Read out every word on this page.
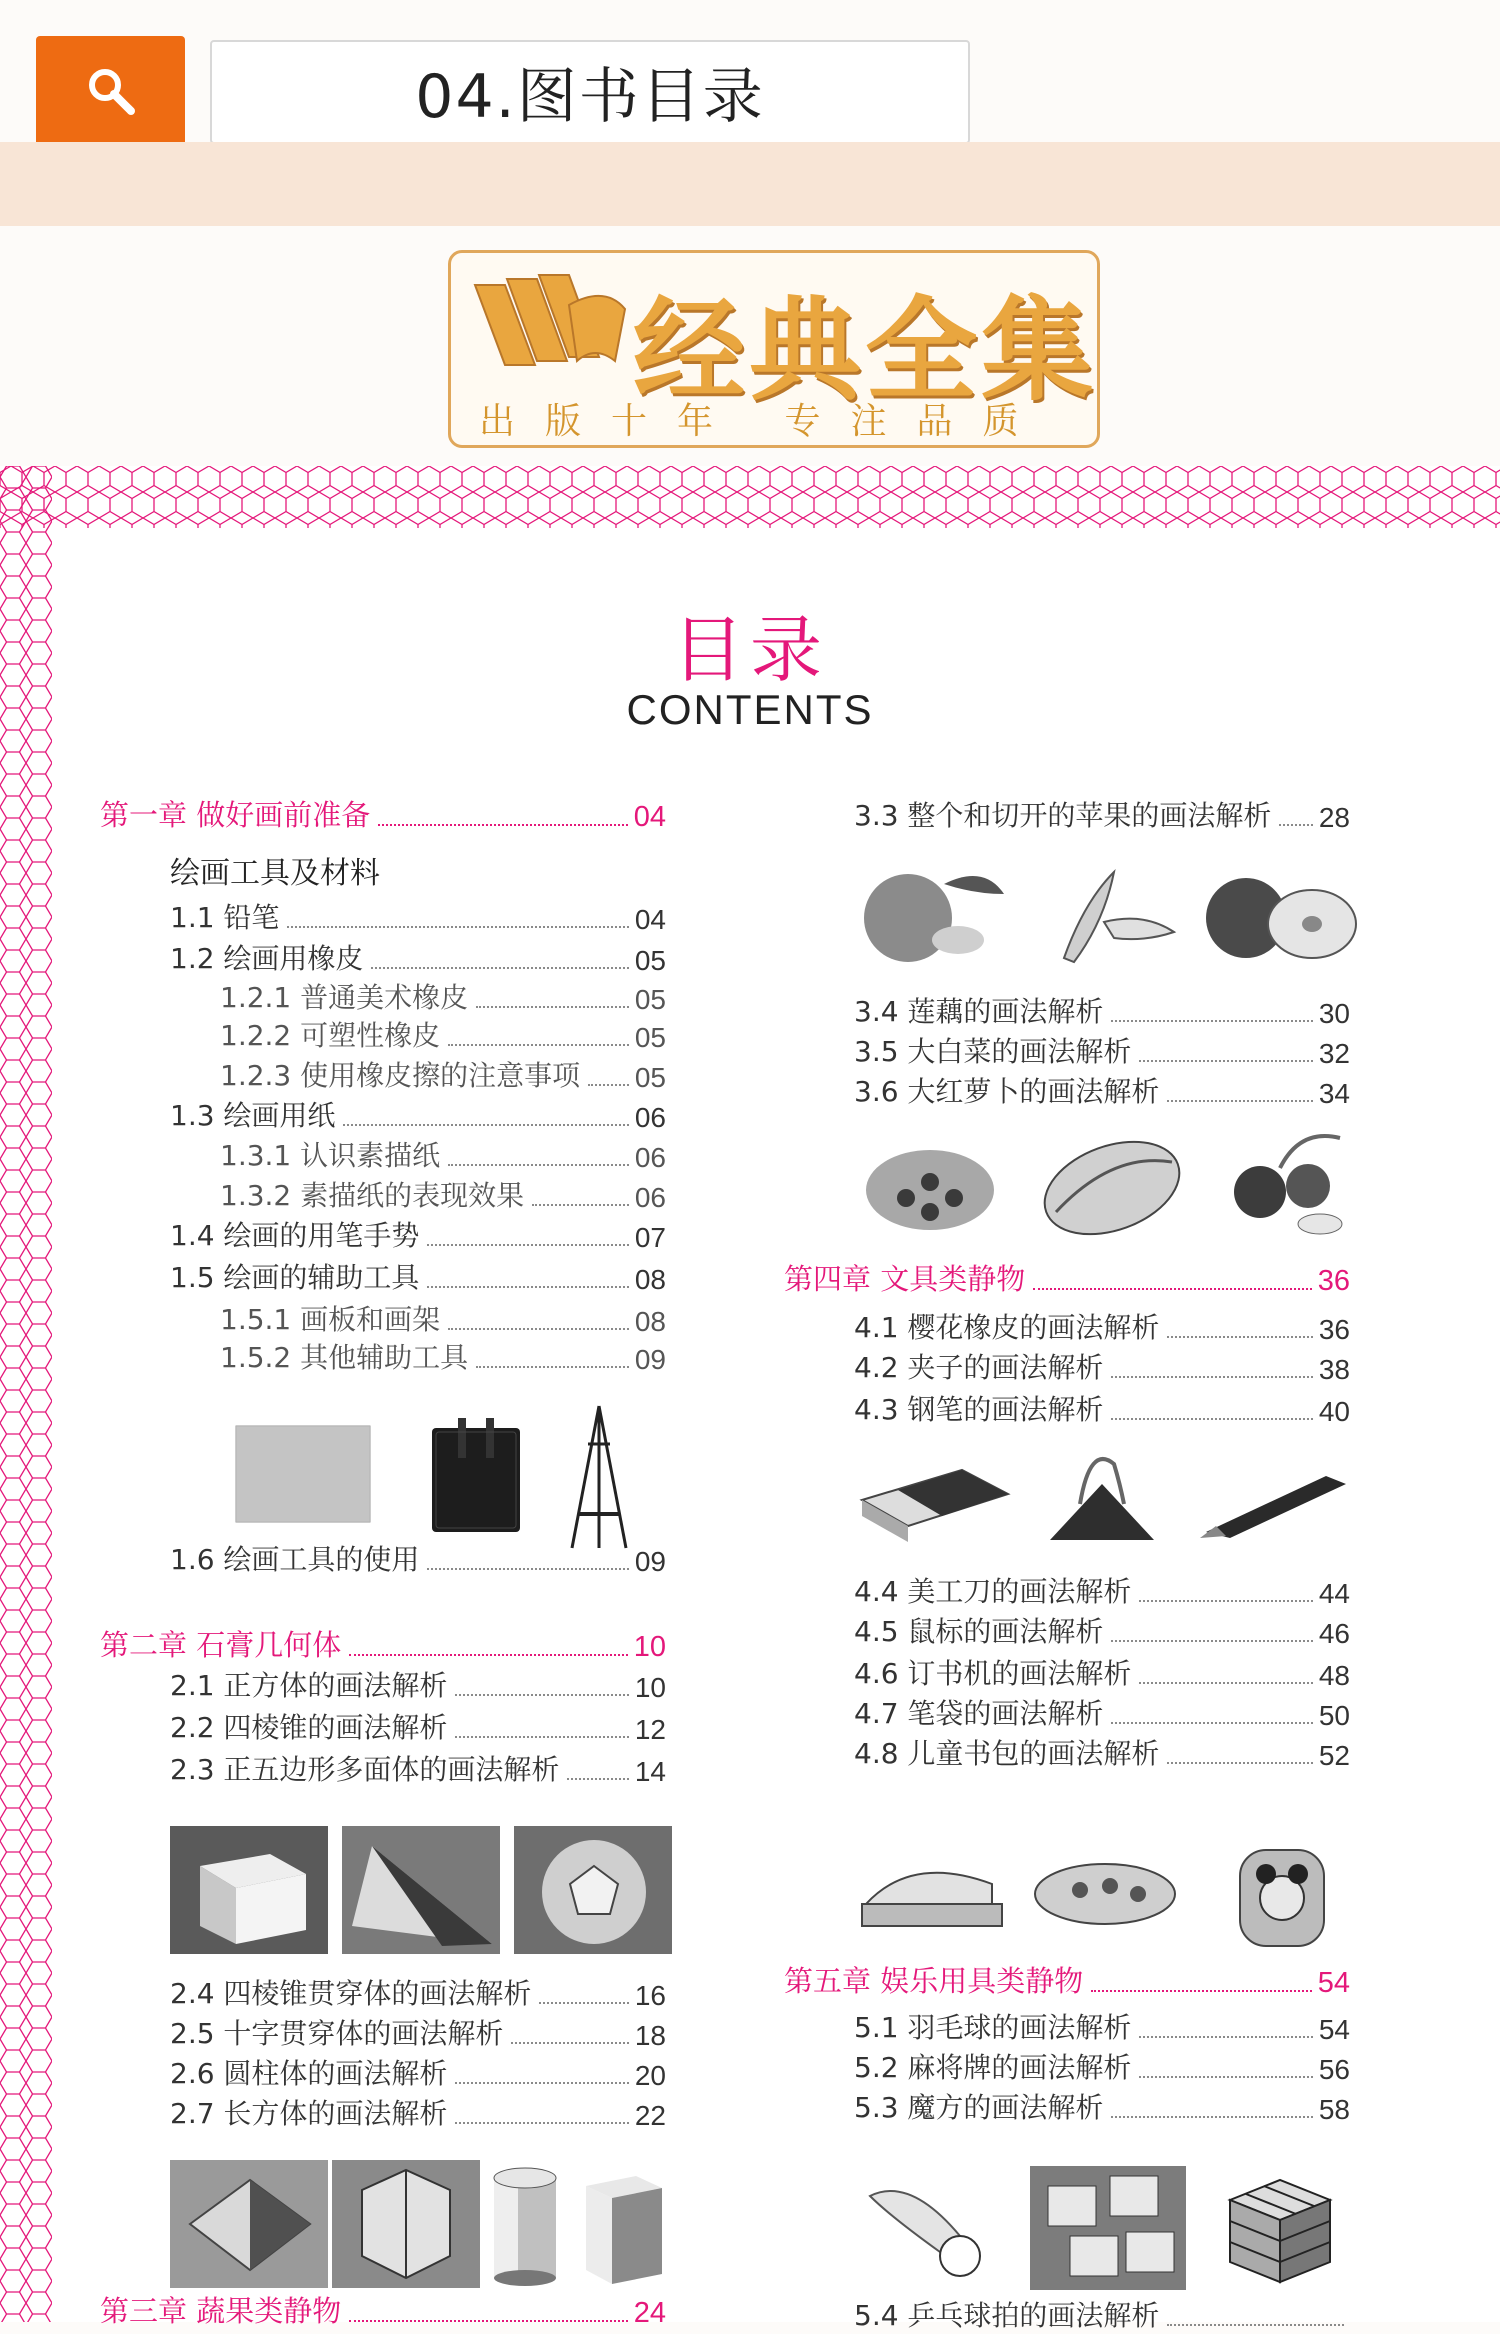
04.图书目录
经典全集
出版十年 专注品质
目录
CONTENTS
第一章 做好画前准备	04
绘画工具及材料
1.1 铅笔	04
1.2 绘画用橡皮	05
1.2.1 普通美术橡皮	05
1.2.2 可塑性橡皮	05
1.2.3 使用橡皮擦的注意事项 05
1.3 绘画用纸	06
1.3.1 认识素描纸	06
1.3.2 素描纸的表现效果	06
1.4 绘画的用笔手势	07
1.5 绘画的辅助工具	08
1.5.1 画板和画架	08
1.5.2 其他辅助工具	09
1.6 绘画工具的使用	09
第二章 石膏几何体	10
2.1 正方体的画法解析	10
2.2 四棱锥的画法解析	12
2.3 正五边形多面体的画法解析	14
2.4 四棱锥贯穿体的画法解析	16
2.5 十字贯穿体的画法解析	18
2.6 圆柱体的画法解析	20
2.7 长方体的画法解析	22
第三章 蔬果类静物	24
3.3 整个和切开的苹果的画法解析 28
3.4 莲藕的画法解析	30
3.5 大白菜的画法解析	32
3.6 大红萝卜的画法解析	34
第四章 文具类静物	36
4.1 樱花橡皮的画法解析	36
4.2 夹子的画法解析	38
4.3 钢笔的画法解析	40
4.4 美工刀的画法解析	44
4.5 鼠标的画法解析	46
4.6 订书机的画法解析	48
4.7 笔袋的画法解析	50
4.8 儿童书包的画法解析	52
第五章 娱乐用具类静物	54
5.1 羽毛球的画法解析	54
5.2 麻将牌的画法解析	56
5.3 魔方的画法解析	58
5.4 乒乓球拍的画法解析
